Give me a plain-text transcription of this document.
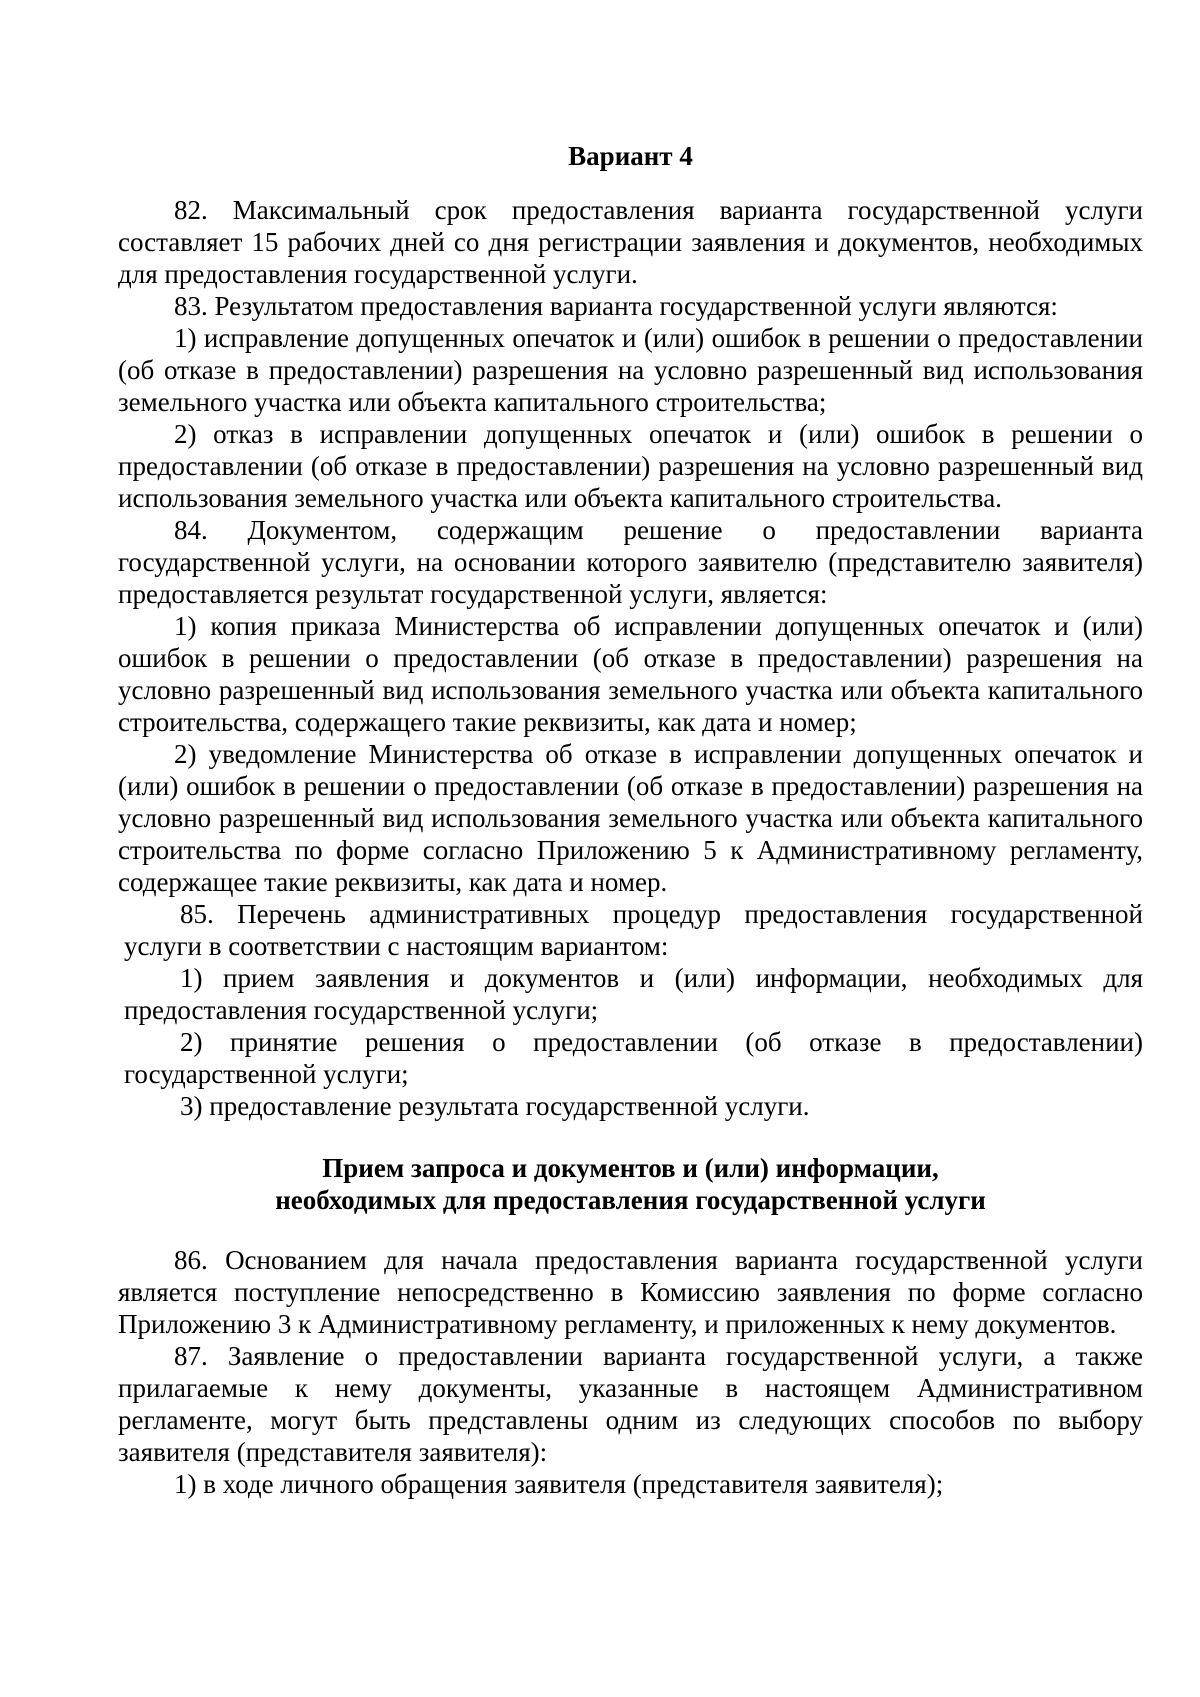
Вариант 4

82. Максимальный срок предоставления варианта государственной услуги составляет 15 рабочих дней со дня регистрации заявления и документов, необходимых для предоставления государственной услуги.

83. Результатом предоставления варианта государственной услуги являются:

1) исправление допущенных опечаток и (или) ошибок в решении о предоставлении (об отказе в предоставлении) разрешения на условно разрешенный вид использования земельного участка или объекта капитального строительства;

2) отказ в исправлении допущенных опечаток и (или) ошибок в решении о предоставлении (об отказе в предоставлении) разрешения на условно разрешенный вид использования земельного участка или объекта капитального строительства.

84. Документом, содержащим решение о предоставлении варианта государственной услуги, на основании которого заявителю (представителю заявителя) предоставляется результат государственной услуги, является:

1) копия приказа Министерства об исправлении допущенных опечаток и (или) ошибок в решении о предоставлении (об отказе в предоставлении) разрешения на условно разрешенный вид использования земельного участка или объекта капитального строительства, содержащего такие реквизиты, как дата и номер;

2) уведомление Министерства об отказе в исправлении допущенных опечаток и (или) ошибок в решении о предоставлении (об отказе в предоставлении) разрешения на условно разрешенный вид использования земельного участка или объекта капитального строительства по форме согласно Приложению 5 к Административному регламенту, содержащее такие реквизиты, как дата и номер.

85. Перечень административных процедур предоставления государственной услуги в соответствии с настоящим вариантом:

1) прием заявления и документов и (или) информации, необходимых для предоставления государственной услуги;

2) принятие решения о предоставлении (об отказе в предоставлении) государственной услуги;

3) предоставление результата государственной услуги.

Прием запроса и документов и (или) информации,
необходимых для предоставления государственной услуги

86. Основанием для начала предоставления варианта государственной услуги является поступление непосредственно в Комиссию заявления по форме согласно Приложению 3 к Административному регламенту, и приложенных к нему документов.

87. Заявление о предоставлении варианта государственной услуги, а также прилагаемые к нему документы, указанные в настоящем Административном регламенте, могут быть представлены одним из следующих способов по выбору заявителя (представителя заявителя):

1) в ходе личного обращения заявителя (представителя заявителя);
